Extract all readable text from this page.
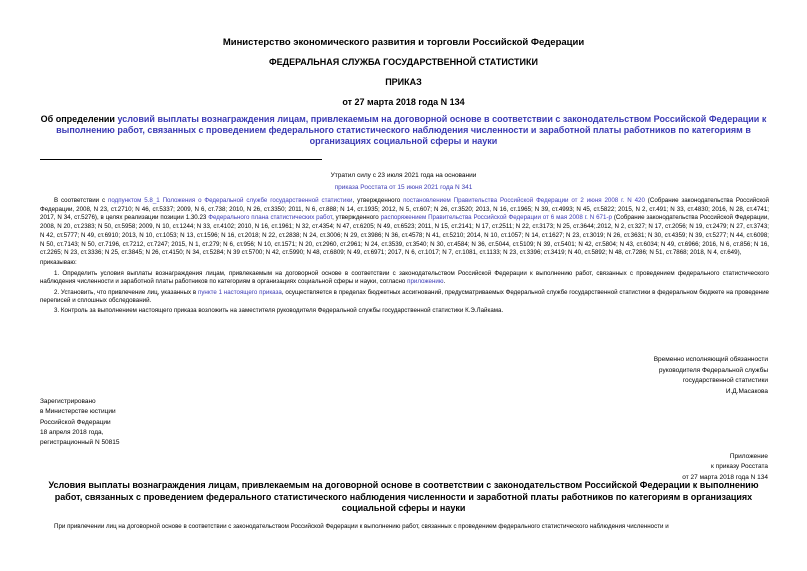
Министерство экономического развития и торговли Российской Федерации
ФЕДЕРАЛЬНАЯ СЛУЖБА ГОСУДАРСТВЕННОЙ СТАТИСТИКИ
ПРИКАЗ
от 27 марта 2018 года N 134
Об определении условий выплаты вознаграждения лицам, привлекаемым на договорной основе в соответствии с законодательством Российской Федерации к выполнению работ, связанных с проведением федерального статистического наблюдения численности и заработной платы работников по категориям в организациях социальной сферы и науки
Утратил силу с 23 июля 2021 года на основании
приказа Росстата от 15 июня 2021 года N 341

В соответствии с подпунктом 5.8_1 Положения о Федеральной службе государственной статистики, утвержденного постановлением Правительства Российской Федерации от 2 июня 2008 г. N 420 (Собрание законодательства Российской Федерации, 2008, N 23, ст.2710; N 46, ст.5337; 2009, N 6, ст.738; 2010, N 26, ст.3350; 2011, N 6, ст.888; N 14, ст.1935; 2012, N 5, ст.607; N 26, ст.3520; 2013, N 16, ст.1965; N 39, ст.4993; N 45, ст.5822; 2015, N 2, ст.491; N 33, ст.4830; 2016, N 28, ст.4741; 2017, N 34, ст.5276), в целях реализации позиции 1.30.23 Федерального плана статистических работ, утвержденного распоряжением Правительства Российской Федерации от 6 мая 2008 г. N 671-р (Собрание законодательства Российской Федерации, 2008, N 20, ст.2383; N 50, ст.5958; 2009, N 10, ст.1244; N 33, ст.4102; 2010, N 16, ст.1961; N 32, ст.4354; N 47, ст.6205; N 49, ст.6523; 2011, N 15, ст.2141; N 17, ст.2511; N 22, ст.3173; N 25, ст.3644;.2012, N 2, ст.327; N 17, ст.2056; N 19, ст.2479; N 27, ст.3743; N 42, ст.5777; N 49, ст.6910; 2013, N 10, ст.1053; N 13, ст.1596; N 16, ст.2018; N 22, ст.2838; N 24, ст.3006; N 29, ст.3986; N 36, ст.4578; N 41, ст.5210; 2014, N 10, ст.1057; N 14, ст.1627; N 23, ст.3019; N 26, ст.3631; N 30, ст.4359; N 39, ст.5277; N 44, ст.6098; N 50, ст.7143; N 50, ст.7196, ст.7212, ст.7247; 2015, N 1, ст.279; N 6, ст.956; N 10, ст.1571; N 20, ст.2960, ст.2961; N 24, ст.3539, ст.3540; N 30, ст.4584; N 36, ст.5044, ст.5109; N 39, ст.5401; N 42, ст.5804; N 43, ст.6034; N 49, ст.6966; 2016, N 6, ст.856; N 16, ст.2265; N 23, ст.3336; N 25, ст.3845; N 26, ст.4150; N 34, ст.5284; N 39 ст.5700; N 42, ст.5990; N 48, ст.6809; N 49, ст.6971; 2017, N 6, ст.1017; N 7, ст.1081, ст.1133; N 23, ст.3396; ст.3419; N 40, ст.5892; N 48, ст.7286; N 51, ст.7868; 2018, N 4, ст.649),

приказываю:

1. Определить условия выплаты вознаграждения лицам, привлекаемым на договорной основе в соответствии с законодательством Российской Федерации к выполнению работ, связанных с проведением федерального статистического наблюдения численности и заработной платы работников по категориям в организациях социальной сферы и науки, согласно приложению.

2. Установить, что привлечение лиц, указанных в пункте 1 настоящего приказа, осуществляется в пределах бюджетных ассигнований, предусматриваемых Федеральной службе государственной статистики в федеральном бюджете на проведение переписей и сплошных обследований.

3. Контроль за выполнением настоящего приказа возложить на заместителя руководителя Федеральной службы государственной статистики К.Э.Лайкама.

Временно исполняющий обязанности
руководителя Федеральной службы
государственной статистики
И.Д.Масакова
Зарегистрировано
в Министерстве юстиции
Российской Федерации
18 апреля 2018 года,
регистрационный N 50815
Приложение
к приказу Росстата
от 27 марта 2018 года N 134
Условия выплаты вознаграждения лицам, привлекаемым на договорной основе в соответствии с законодательством Российской Федерации к выполнению работ, связанных с проведением федерального статистического наблюдения численности и заработной платы работников по категориям в организациях социальной сферы и науки
При привлечении лиц на договорной основе в соответствии с законодательством Российской Федерации к выполнению работ, связанных с проведением федерального статистического наблюдения численности и
